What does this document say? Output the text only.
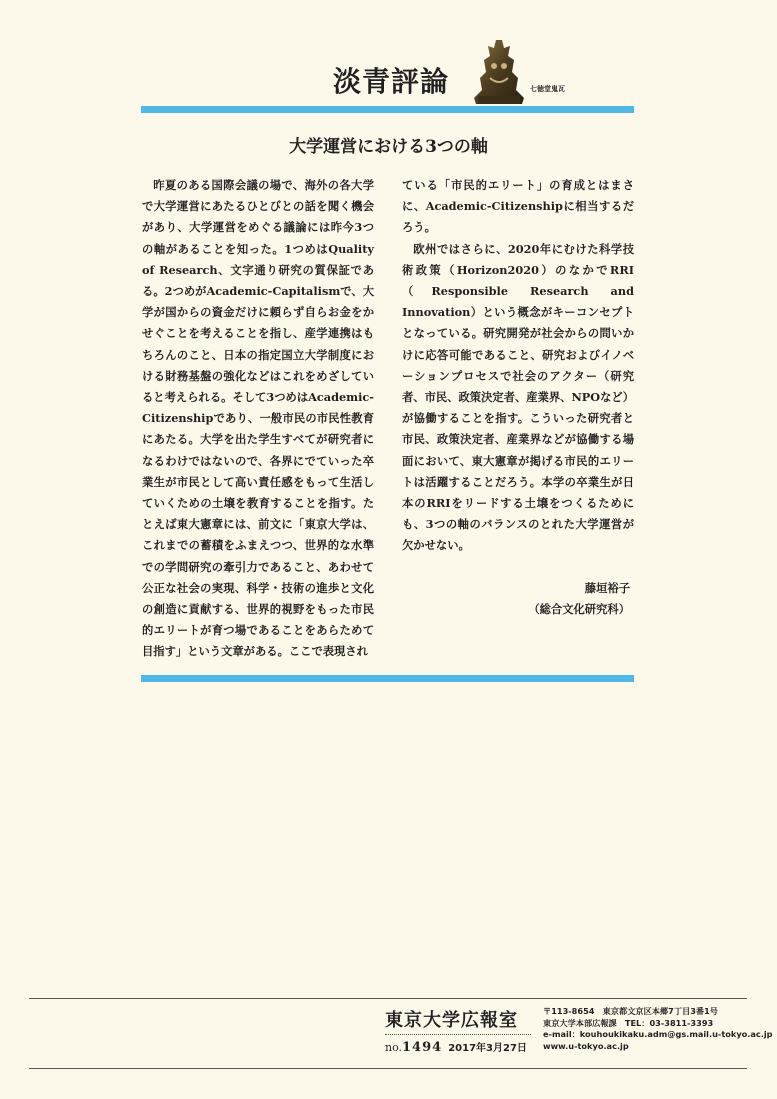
淡青評論	七徳堂鬼瓦
大学運営における3つの軸

昨夏のある国際会議の場で、海外の各大学で大学運営にあたるひとびとの話を聞く機会があり、大学運営をめぐる議論には昨今3つの軸があることを知った。1つめはQuality of Research、文字通り研究の質保証である。2つめがAcademic-Capitalismで、大学が国からの資金だけに頼らず自らお金をかせぐことを考えることを指し、産学連携はもちろんのこと、日本の指定国立大学制度における財務基盤の強化などはこれをめざしていると考えられる。そして3つめはAcademic-Citizenshipであり、一般市民の市民性教育にあたる。大学を出た学生すべてが研究者になるわけではないので、各界にでていった卒業生が市民として高い責任感をもって生活していくための土壌を教育することを指す。たとえば東大憲章には、前文に「東京大学は、これまでの蓄積をふまえつつ、世界的な水準での学問研究の牽引力であること、あわせて公正な社会の実現、科学・技術の進歩と文化の創造に貢献する、世界的視野をもった市民的エリートが育つ場であることをあらためて目指す」という文章がある。ここで表現され

ている「市民的エリート」の育成とはまさに、Academic-Citizenshipに相当するだろう。

欧州ではさらに、2020年にむけた科学技術政策（Horizon2020）のなかでRRI（Responsible Research and Innovation）という概念がキーコンセプトとなっている。研究開発が社会からの問いかけに応答可能であること、研究およびイノベーションプロセスで社会のアクター（研究者、市民、政策決定者、産業界、NPOなど）が協働することを指す。こういった研究者と市民、政策決定者、産業界などが協働する場面において、東大憲章が掲げる市民的エリートは活躍することだろう。本学の卒業生が日本のRRIをリードする土壌をつくるためにも、3つの軸のバランスのとれた大学運営が欠かせない。

藤垣裕子
（総合文化研究科）
東京大学広報室
no.1494 2017年3月27日
〒113-8654　東京都文京区本郷7丁目3番1号
東京大学本部広報課　TEL：03-3811-3393
e-mail：kouhoukikaku.adm@gs.mail.u-tokyo.ac.jp
www.u-tokyo.ac.jp
